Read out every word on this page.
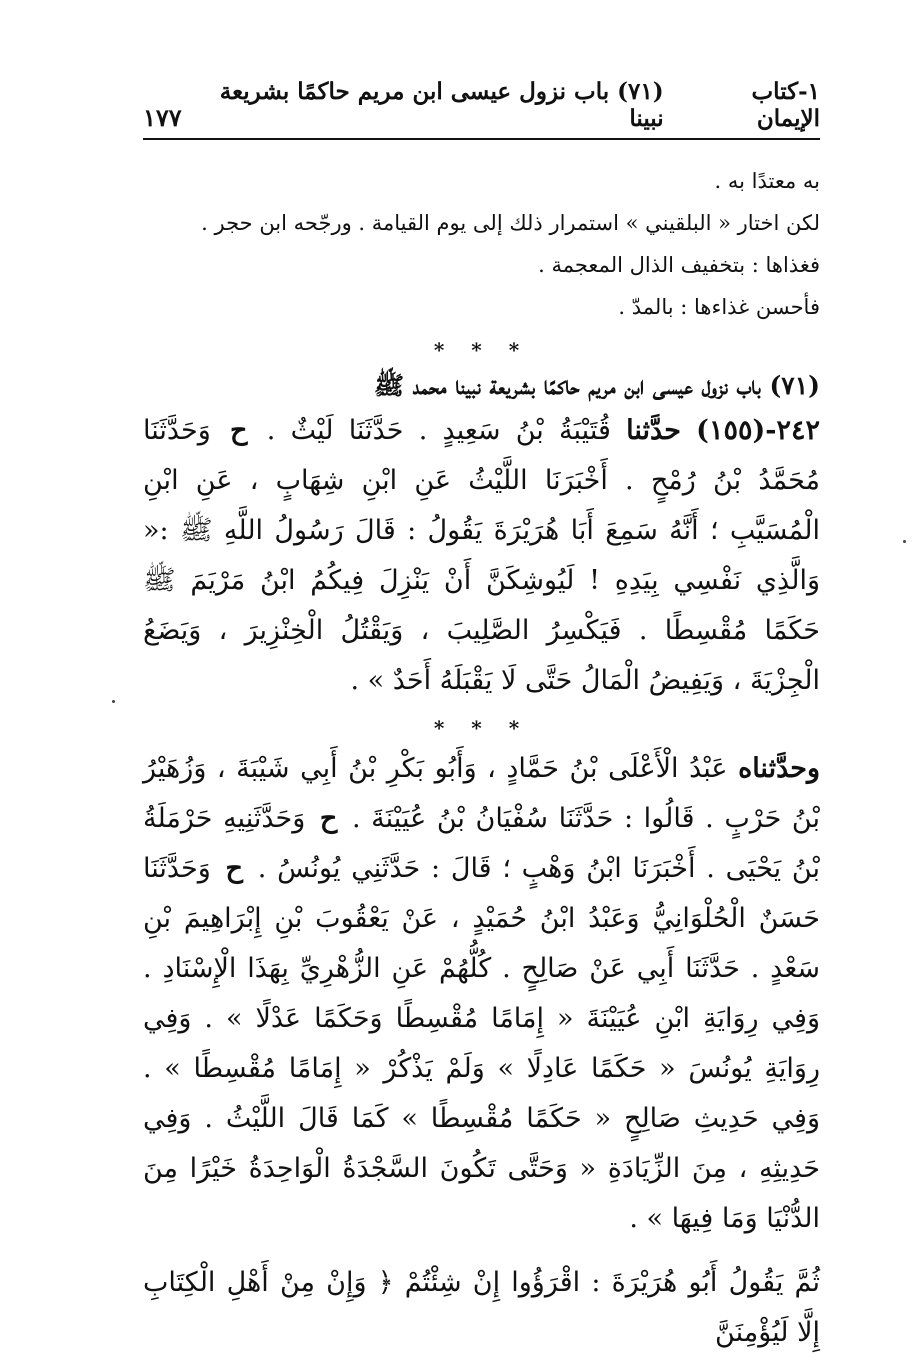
١-كتاب الإيمان
(٧١) باب نزول عيسى ابن مريم حاكمًا بشريعة نبينا
١٧٧

به معتدًا به .

لكن اختار « البلقيني » استمرار ذلك إلى يوم القيامة . ورجّحه ابن حجر .

فغذاها : بتخفيف الذال المعجمة .

فأحسن غذاءها : بالمدّ .

* * *

(٧١) باب نزول عيسى ابن مريم حاكمًا بشريعة نبينا محمد ﷺ

٢٤٢-(١٥٥) حدَّثنا قُتَيْبَةُ بْنُ سَعِيدٍ . حَدَّثَنَا لَيْثٌ . ح وَحَدَّثَنَا مُحَمَّدُ بْنُ رُمْحٍ . أَخْبَرَنَا اللَّيْثُ عَنِ ابْنِ شِهَابٍ ، عَنِ ابْنِ الْمُسَيَّبِ ؛ أَنَّهُ سَمِعَ أَبَا هُرَيْرَةَ يَقُولُ : قَالَ رَسُولُ اللَّهِ ﷺ :« وَالَّذِي نَفْسِي بِيَدِهِ ! لَيُوشِكَنَّ أَنْ يَنْزِلَ فِيكُمُ ابْنُ مَرْيَمَ ﷺ حَكَمًا مُقْسِطًا . فَيَكْسِرُ الصَّلِيبَ ، وَيَقْتُلُ الْخِنْزِيرَ ، وَيَضَعُ الْجِزْيَةَ ، وَيَفِيضُ الْمَالُ حَتَّى لَا يَقْبَلَهُ أَحَدٌ » .

* * *

وحدَّثناه عَبْدُ الْأَعْلَى بْنُ حَمَّادٍ ، وَأَبُو بَكْرِ بْنُ أَبِي شَيْبَةَ ، وَزُهَيْرُ بْنُ حَرْبٍ . قَالُوا : حَدَّثَنَا سُفْيَانُ بْنُ عُيَيْنَةَ . ح وَحَدَّثَنِيهِ حَرْمَلَةُ بْنُ يَحْيَى . أَخْبَرَنَا ابْنُ وَهْبٍ ؛ قَالَ : حَدَّثَنِي يُونُسُ . ح وَحَدَّثَنَا حَسَنٌ الْحُلْوَانِيُّ وَعَبْدُ ابْنُ حُمَيْدٍ ، عَنْ يَعْقُوبَ بْنِ إِبْرَاهِيمَ بْنِ سَعْدٍ . حَدَّثَنَا أَبِي عَنْ صَالِحٍ . كُلُّهُمْ عَنِ الزُّهْرِيِّ بِهَذَا الْإِسْنَادِ . وَفِي رِوَايَةِ ابْنِ عُيَيْنَةَ « إِمَامًا مُقْسِطًا وَحَكَمًا عَدْلًا » . وَفِي رِوَايَةِ يُونُسَ « حَكَمًا عَادِلًا » وَلَمْ يَذْكُرْ « إِمَامًا مُقْسِطًا » . وَفِي حَدِيثِ صَالِحٍ « حَكَمًا مُقْسِطًا » كَمَا قَالَ اللَّيْثُ . وَفِي حَدِيثِهِ ، مِنَ الزِّيَادَةِ « وَحَتَّى تَكُونَ السَّجْدَةُ الْوَاحِدَةُ خَيْرًا مِنَ الدُّنْيَا وَمَا فِيهَا » .

ثُمَّ يَقُولُ أَبُو هُرَيْرَةَ : اقْرَؤُوا إِنْ شِئْتُمْ ﴿ وَإِنْ مِنْ أَهْلِ الْكِتَابِ إِلَّا لَيُؤْمِنَنَّ
